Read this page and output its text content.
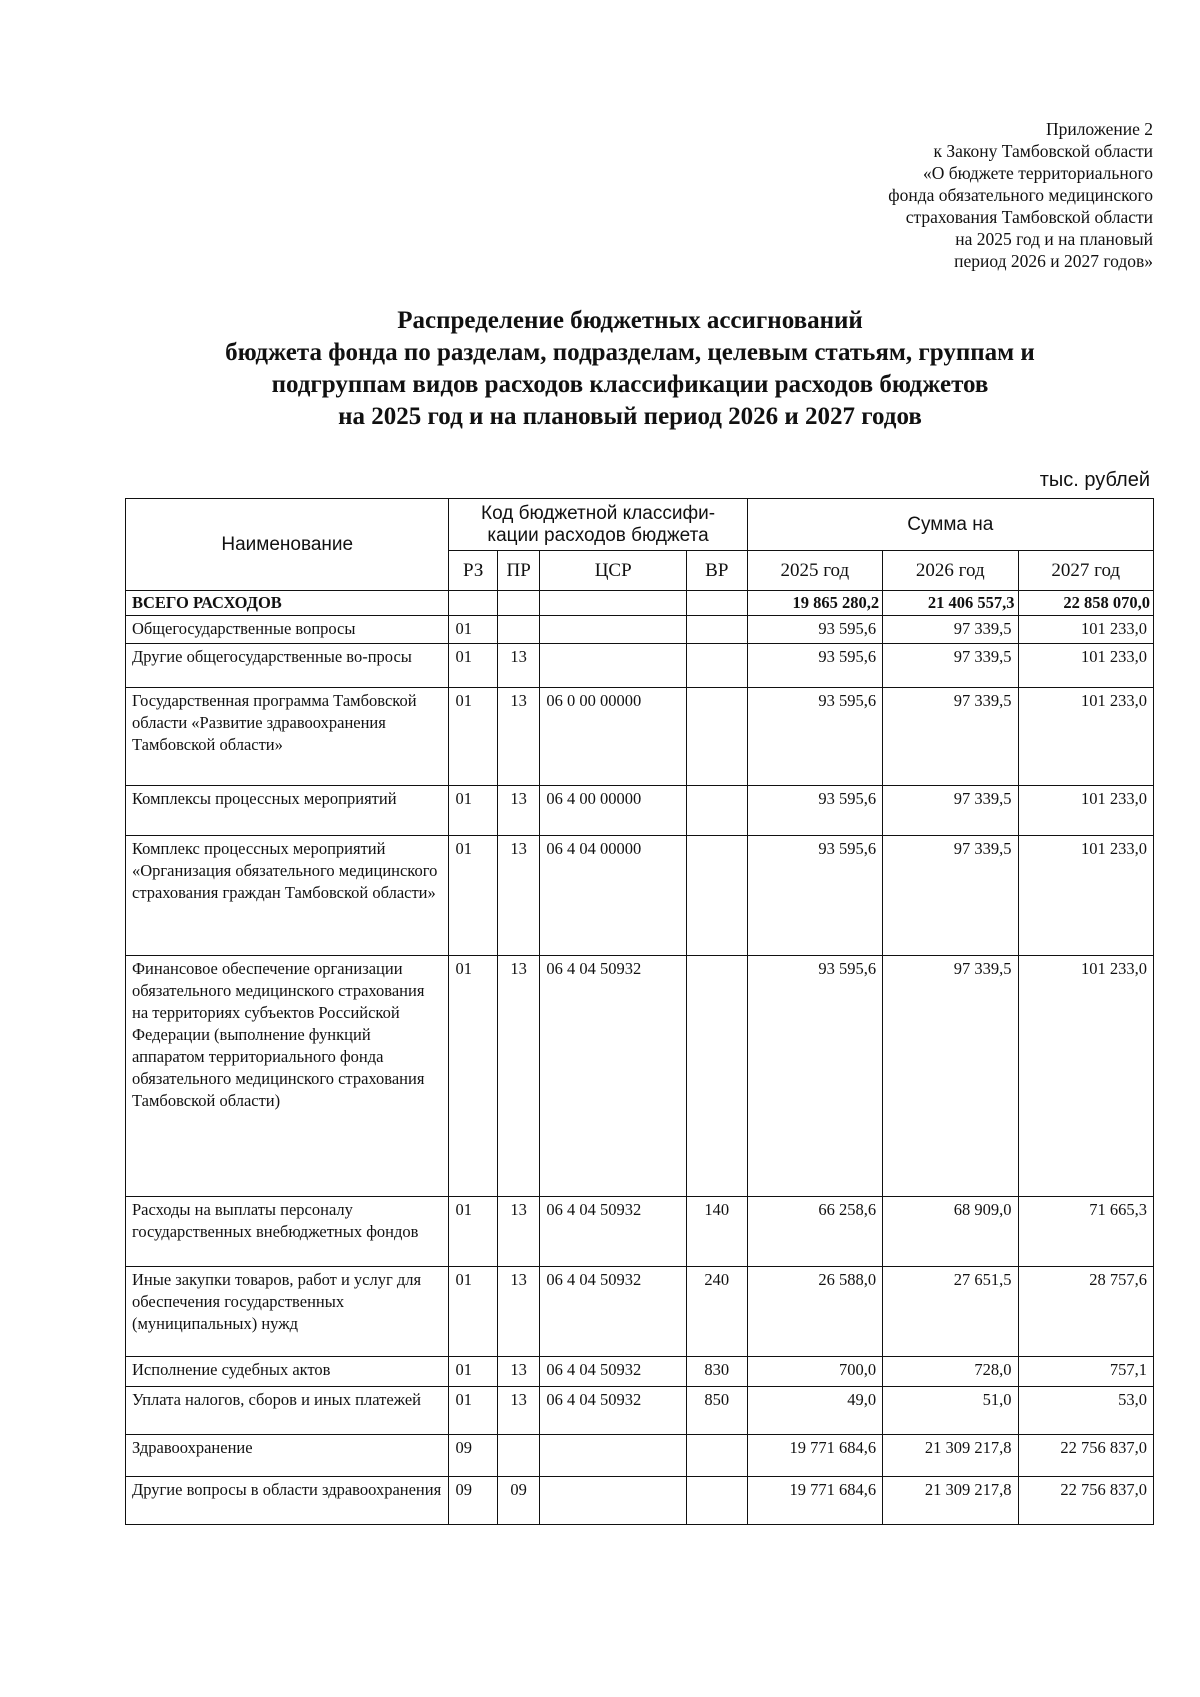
Приложение 2
к Закону Тамбовской области
«О бюджете территориального
фонда обязательного медицинского
страхования Тамбовской области
на 2025 год и на плановый
период 2026 и 2027 годов»
Распределение бюджетных ассигнований
бюджета фонда по разделам, подразделам, целевым статьям, группам и
подгруппам видов расходов классификации расходов бюджетов
на 2025 год и на плановый период 2026 и 2027 годов
тыс. рублей
Наименование	Код бюджетной классифи-кации расходов бюджета				Сумма на		
	РЗ	ПР	ЦСР	ВР	2025 год	2026 год	2027 год
ВСЕГО РАСХОДОВ					19 865 280,2	21 406 557,3	22 858 070,0
Общегосударственные вопросы	01				93 595,6	97 339,5	101 233,0
Другие общегосударственные во-просы	01	13			93 595,6	97 339,5	101 233,0
Государственная программа Тамбовской области «Развитие здравоохранения Тамбовской области»	01	13	06 0 00 00000		93 595,6	97 339,5	101 233,0
Комплексы процессных мероприятий	01	13	06 4 00 00000		93 595,6	97 339,5	101 233,0
Комплекс процессных мероприятий «Организация обязательного медицинского страхования граждан Тамбовской области»	01	13	06 4 04 00000		93 595,6	97 339,5	101 233,0
Финансовое обеспечение организации обязательного медицинского страхования на территориях субъектов Российской Федерации (выполнение функций аппаратом территориального фонда обязательного медицинского страхования Тамбовской области)	01	13	06 4 04 50932		93 595,6	97 339,5	101 233,0
Расходы на выплаты персоналу государственных внебюджетных фондов	01	13	06 4 04 50932	140	66 258,6	68 909,0	71 665,3
Иные закупки товаров, работ и услуг для обеспечения государственных (муниципальных) нужд	01	13	06 4 04 50932	240	26 588,0	27 651,5	28 757,6
Исполнение судебных актов	01	13	06 4 04 50932	830	700,0	728,0	757,1
Уплата налогов, сборов и иных платежей	01	13	06 4 04 50932	850	49,0	51,0	53,0
Здравоохранение	09				19 771 684,6	21 309 217,8	22 756 837,0
Другие вопросы в области здравоохранения	09	09			19 771 684,6	21 309 217,8	22 756 837,0
